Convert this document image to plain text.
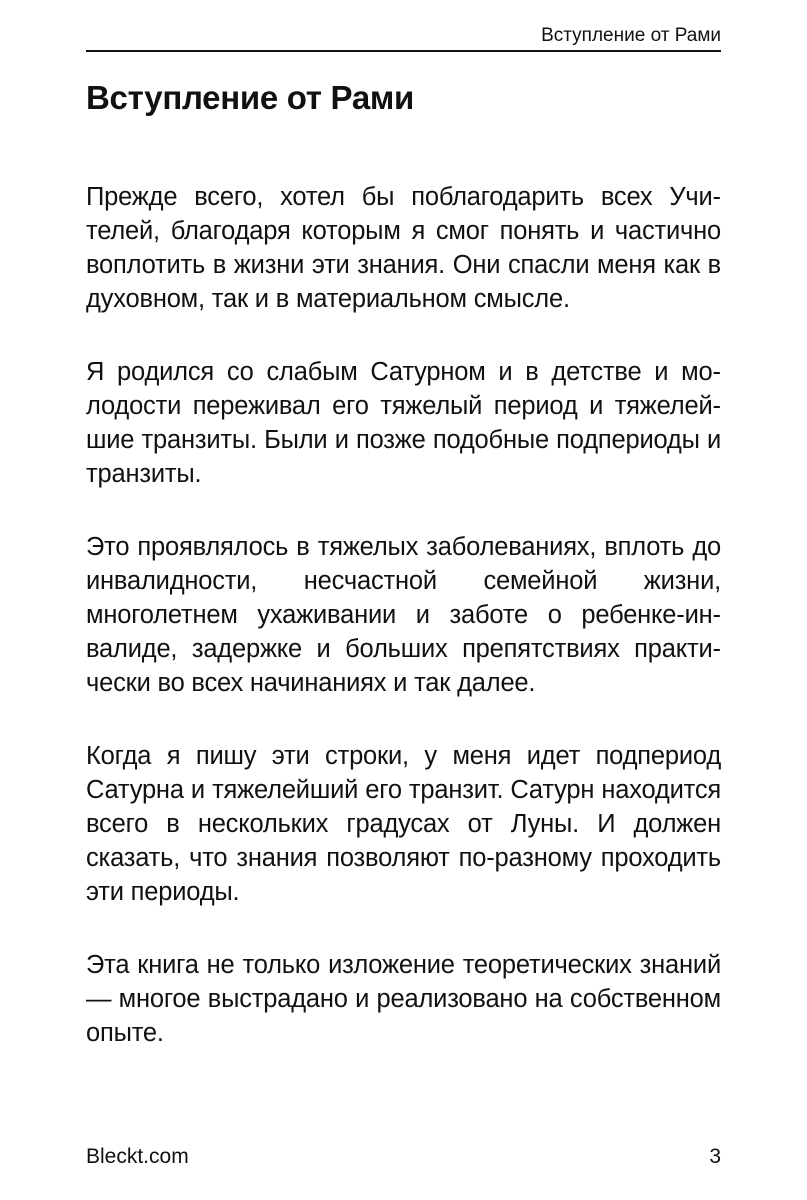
Вступление от Рами
Вступление от Рами

Прежде всего, хотел бы поблагодарить всех Учителей, благодаря которым я смог понять и частично воплотить в жизни эти знания. Они спасли меня как в духовном, так и в материальном смысле.

Я родился со слабым Сатурном и в детстве и молодости переживал его тяжелый период и тяжелейшие транзиты. Были и позже подобные подпериоды и транзиты.

Это проявлялось в тяжелых заболеваниях, вплоть до инвалидности, несчастной семейной жизни, многолетнем ухаживании и заботе о ребенке-инвалиде, задержке и больших препятствиях практически во всех начинаниях и так далее.

Когда я пишу эти строки, у меня идет подпериод Сатурна и тяжелейший его транзит. Сатурн находится всего в нескольких градусах от Луны. И должен сказать, что знания позволяют по-разному проходить эти периоды.

Эта книга не только изложение теоретических знаний — многое выстрадано и реализовано на собственном опыте.

Bleckt.com	3
